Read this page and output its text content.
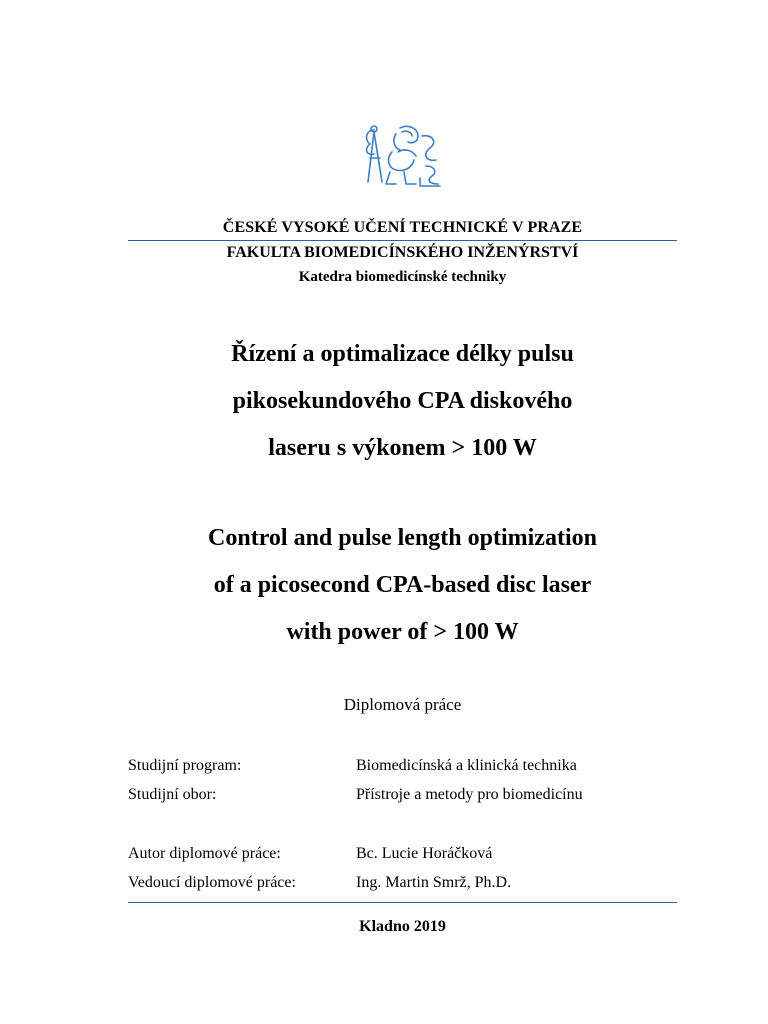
ČESKÉ VYSOKÉ UČENÍ TECHNICKÉ V PRAZE
FAKULTA BIOMEDICÍNSKÉHO INŽENÝRSTVÍ
Katedra biomedicínské techniky
Řízení a optimalizace délky pulsu
pikosekundového CPA diskového
laseru s výkonem > 100 W
Control and pulse length optimization
of a picosecond CPA-based disc laser
with power of > 100 W
Diplomová práce
Studijní program:	Biomedicínská a klinická technika
Studijní obor:	Přístroje a metody pro biomedicínu
Autor diplomové práce:	Bc. Lucie Horáčková
Vedoucí diplomové práce:	Ing. Martin Smrž, Ph.D.
Kladno 2019
